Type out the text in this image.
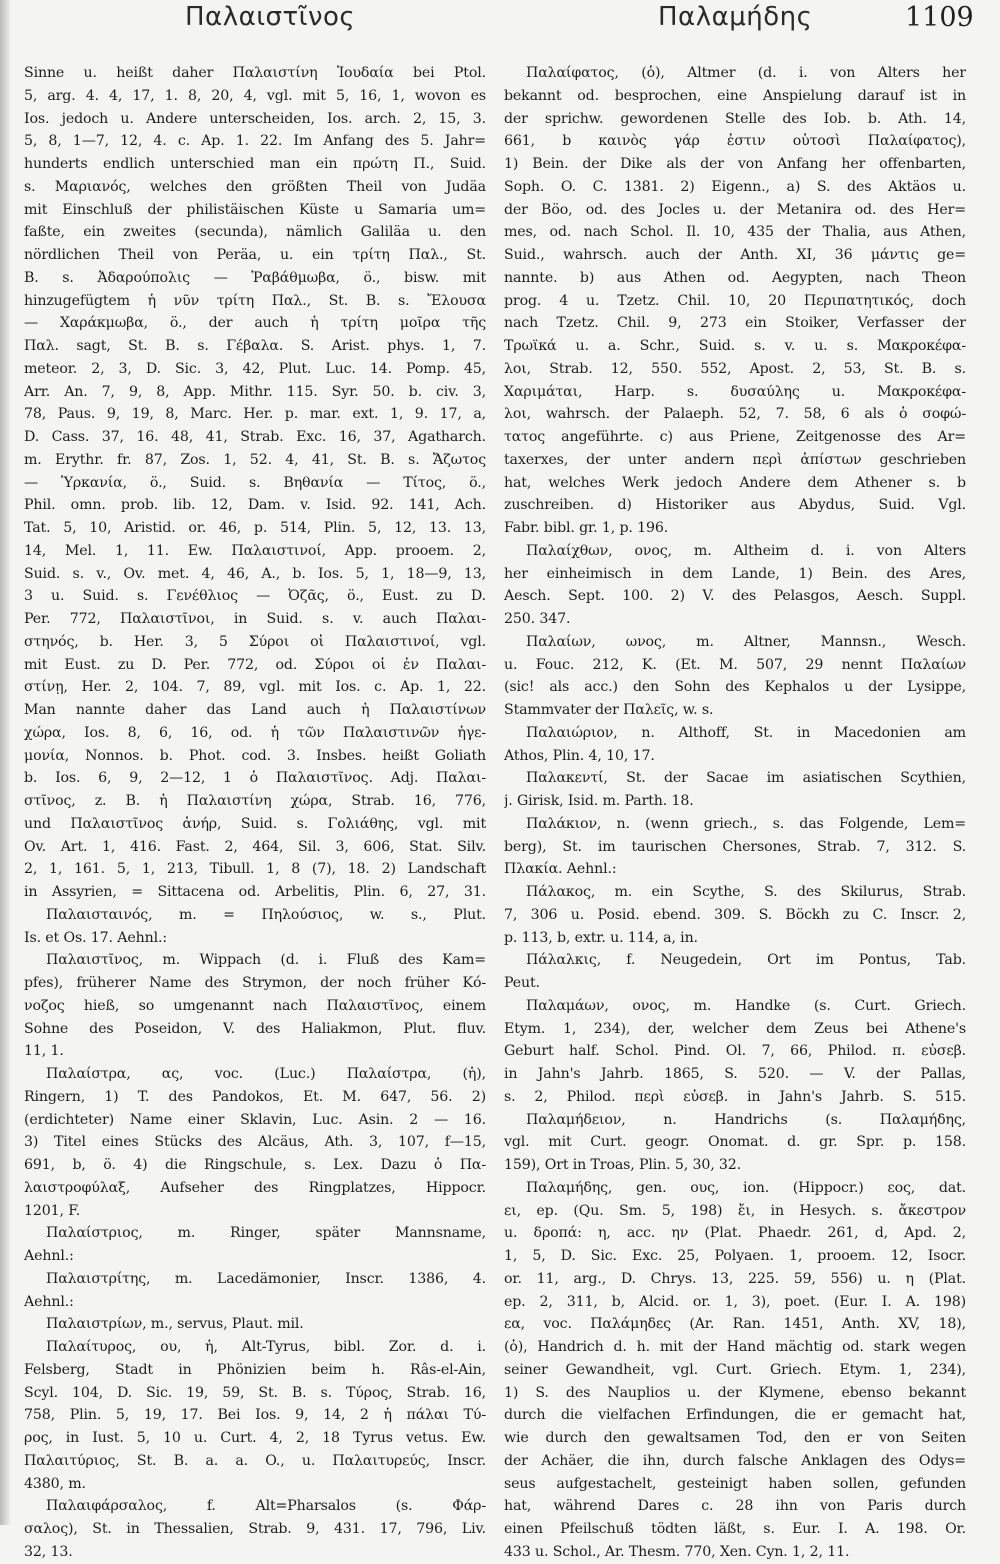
Παλαιστῖνος	Παλαμήδης	1109
Sinne u. heißt daher Παλαιστίνη Ἰουδαία bei Ptol.
5, arg. 4. 4, 17, 1. 8, 20, 4, vgl. mit 5, 16, 1, wovon es
Ios. jedoch u. Andere unterscheiden, Ios. arch. 2, 15, 3.
5, 8, 1—7, 12, 4. c. Ap. 1. 22. Im Anfang des 5. Jahr=
hunderts endlich unterschied man ein πρώτη Π., Suid.
s. Μαριανός, welches den größten Theil von Judäa
mit Einschluß der philistäischen Küste u Samaria um=
faßte, ein zweites (secunda), nämlich Galiläa u. den
nördlichen Theil von Peräa, u. ein τρίτη Παλ., St.
B. s. Ἀδαρούπολις — Ῥαβάθμωβα, ö., bisw. mit
hinzugefügtem ἡ νῦν τρίτη Παλ., St. B. s. Ἔλουσα
— Χαράκμωβα, ö., der auch ἡ τρίτη μοῖρα τῆς
Παλ. sagt, St. B. s. Γέβαλα. S. Arist. phys. 1, 7.
meteor. 2, 3, D. Sic. 3, 42, Plut. Luc. 14. Pomp. 45,
Arr. An. 7, 9, 8, App. Mithr. 115. Syr. 50. b. civ. 3,
78, Paus. 9, 19, 8, Marc. Her. p. mar. ext. 1, 9. 17, a,
D. Cass. 37, 16. 48, 41, Strab. Exc. 16, 37, Agatharch.
m. Erythr. fr. 87, Zos. 1, 52. 4, 41, St. B. s. Ἄζωτος
— Ὑρκανία, ö., Suid. s. Βηθανία — Τίτος, ö.,
Phil. omn. prob. lib. 12, Dam. v. Isid. 92. 141, Ach.
Tat. 5, 10, Aristid. or. 46, p. 514, Plin. 5, 12, 13. 13,
14, Mel. 1, 11. Ew. Παλαιστινοί, App. prooem. 2,
Suid. s. v., Ov. met. 4, 46, A., b. Ios. 5, 1, 18—9, 13,
3 u. Suid. s. Γενέθλιος — Ὀζᾶς, ö., Eust. zu D.
Per. 772, Παλαιστῖνοι, in Suid. s. v. auch Παλαι-
στηνός, b. Her. 3, 5 Σύροι οἱ Παλαιστινοί, vgl.
mit Eust. zu D. Per. 772, od. Σύροι οἱ ἐν Παλαι-
στίνῃ, Her. 2, 104. 7, 89, vgl. mit Ios. c. Ap. 1, 22.
Man nannte daher das Land auch ἡ Παλαιστίνων
χώρα, Ios. 8, 6, 16, od. ἡ τῶν Παλαιστινῶν ἡγε-
μονία, Nonnos. b. Phot. cod. 3. Insbes. heißt Goliath
b. Ios. 6, 9, 2—12, 1 ὁ Παλαιστῖνος. Adj. Παλαι-
στῖνος, z. B. ἡ Παλαιστίνη χώρα, Strab. 16, 776,
und Παλαιστῖνος ἀνήρ, Suid. s. Γολιάθης, vgl. mit
Ov. Art. 1, 416. Fast. 2, 464, Sil. 3, 606, Stat. Silv.
2, 1, 161. 5, 1, 213, Tibull. 1, 8 (7), 18. 2) Landschaft
in Assyrien, = Sittacena od. Arbelitis, Plin. 6, 27, 31.
Παλαισταινός, m. = Πηλούσιος, w. s., Plut.
Is. et Os. 17. Aehnl.:
Παλαιστῖνος, m. Wippach (d. i. Fluß des Kam=
pfes), früherer Name des Strymon, der noch früher Κό-
νοζος hieß, so umgenannt nach Παλαιστῖνος, einem
Sohne des Poseidon, V. des Haliakmon, Plut. fluv.
11, 1.
Παλαίστρα, ας, voc. (Luc.) Παλαίστρα, (ἡ),
Ringern, 1) T. des Pandokos, Et. M. 647, 56. 2)
(erdichteter) Name einer Sklavin, Luc. Asin. 2 — 16.
3) Titel eines Stücks des Alcäus, Ath. 3, 107, f—15,
691, b, ö. 4) die Ringschule, s. Lex. Dazu ὁ Πα-
λαιστροφύλαξ, Aufseher des Ringplatzes, Hippocr.
1201, F.
Παλαίστριος, m. Ringer, später Mannsname,
Aehnl.:
Παλαιστρίτης, m. Lacedämonier, Inscr. 1386, 4.
Aehnl.:
Παλαιστρίων, m., servus, Plaut. mil.
Παλαίτυρος, ου, ἡ, Alt-Tyrus, bibl. Zor. d. i.
Felsberg, Stadt in Phönizien beim h. Râs-el-Ain,
Scyl. 104, D. Sic. 19, 59, St. B. s. Τύρος, Strab. 16,
758, Plin. 5, 19, 17. Bei Ios. 9, 14, 2 ἡ πάλαι Τύ-
ρος, in Iust. 5, 10 u. Curt. 4, 2, 18 Tyrus vetus. Ew.
Παλαιτύριος, St. B. a. a. O., u. Παλαιτυρεύς, Inscr.
4380, m.
Παλαιφάρσαλος, f. Alt=Pharsalos (s. Φάρ-
σαλος), St. in Thessalien, Strab. 9, 431. 17, 796, Liv.
32, 13.
Παλαίφατος, (ὁ), Altmer (d. i. von Alters her
bekannt od. besprochen, eine Anspielung darauf ist in
der sprichw. gewordenen Stelle des Iob. b. Ath. 14,
661, b καινὸς γάρ ἐστιν οὑτοσὶ Παλαίφατος),
1) Bein. der Dike als der von Anfang her offenbarten,
Soph. O. C. 1381. 2) Eigenn., a) S. des Aktäos u.
der Böo, od. des Jocles u. der Metanira od. des Her=
mes, od. nach Schol. Il. 10, 435 der Thalia, aus Athen,
Suid., wahrsch. auch der Anth. XI, 36 μάντις ge=
nannte. b) aus Athen od. Aegypten, nach Theon
prog. 4 u. Tzetz. Chil. 10, 20 Περιπατητικός, doch
nach Tzetz. Chil. 9, 273 ein Stoiker, Verfasser der
Τρωϊκά u. a. Schr., Suid. s. v. u. s. Μακροκέφα-
λοι, Strab. 12, 550. 552, Apost. 2, 53, St. B. s.
Χαριμάται, Harp. s. δυσαύλης u. Μακροκέφα-
λοι, wahrsch. der Palaeph. 52, 7. 58, 6 als ὁ σοφώ-
τατος angeführte. c) aus Priene, Zeitgenosse des Ar=
taxerxes, der unter andern περὶ ἀπίστων geschrieben
hat, welches Werk jedoch Andere dem Athener s. b
zuschreiben. d) Historiker aus Abydus, Suid. Vgl.
Fabr. bibl. gr. 1, p. 196.
Παλαίχθων, ονος, m. Altheim d. i. von Alters
her einheimisch in dem Lande, 1) Bein. des Ares,
Aesch. Sept. 100. 2) V. des Pelasgos, Aesch. Suppl.
250. 347.
Παλαίων, ωνος, m. Altner, Mannsn., Wesch.
u. Fouc. 212, K. (Et. M. 507, 29 nennt Παλαίων
(sic! als acc.) den Sohn des Kephalos u der Lysippe,
Stammvater der Παλεῖς, w. s.
Παλαιώριον, n. Althoff, St. in Macedonien am
Athos, Plin. 4, 10, 17.
Παλακεντί, St. der Sacae im asiatischen Scythien,
j. Girisk, Isid. m. Parth. 18.
Παλάκιον, n. (wenn griech., s. das Folgende, Lem=
berg), St. im taurischen Chersones, Strab. 7, 312. S.
Πλακία. Aehnl.:
Πάλακος, m. ein Scythe, S. des Skilurus, Strab.
7, 306 u. Posid. ebend. 309. S. Böckh zu C. Inscr. 2,
p. 113, b, extr. u. 114, a, in.
Πάλαλκις, f. Neugedein, Ort im Pontus, Tab.
Peut.
Παλαμάων, ονος, m. Handke (s. Curt. Griech.
Etym. 1, 234), der, welcher dem Zeus bei Athene's
Geburt half. Schol. Pind. Ol. 7, 66, Philod. π. εὐσεβ.
in Jahn's Jahrb. 1865, S. 520. — V. der Pallas,
s. 2, Philod. περὶ εὐσεβ. in Jahn's Jahrb. S. 515.
Παλαμήδειον, n. Handrichs (s. Παλαμήδης,
vgl. mit Curt. geogr. Onomat. d. gr. Spr. p. 158.
159), Ort in Troas, Plin. 5, 30, 32.
Παλαμήδης, gen. ους, ion. (Hippocr.) εος, dat.
ει, ep. (Qu. Sm. 5, 198) ἔι, in Hesych. s. ἄκεστρον
u. δροπά: η, acc. ην (Plat. Phaedr. 261, d, Apd. 2,
1, 5, D. Sic. Exc. 25, Polyaen. 1, prooem. 12, Isocr.
or. 11, arg., D. Chrys. 13, 225. 59, 556) u. η (Plat.
ep. 2, 311, b, Alcid. or. 1, 3), poet. (Eur. I. A. 198)
εα, voc. Παλάμηδες (Ar. Ran. 1451, Anth. XV, 18),
(ὁ), Handrich d. h. mit der Hand mächtig od. stark wegen
seiner Gewandheit, vgl. Curt. Griech. Etym. 1, 234),
1) S. des Nauplios u. der Klymene, ebenso bekannt
durch die vielfachen Erfindungen, die er gemacht hat,
wie durch den gewaltsamen Tod, den er von Seiten
der Achäer, die ihn, durch falsche Anklagen des Odys=
seus aufgestachelt, gesteinigt haben sollen, gefunden
hat, während Dares c. 28 ihn von Paris durch
einen Pfeilschuß tödten läßt, s. Eur. I. A. 198. Or.
433 u. Schol., Ar. Thesm. 770, Xen. Cyn. 1, 2, 11.
